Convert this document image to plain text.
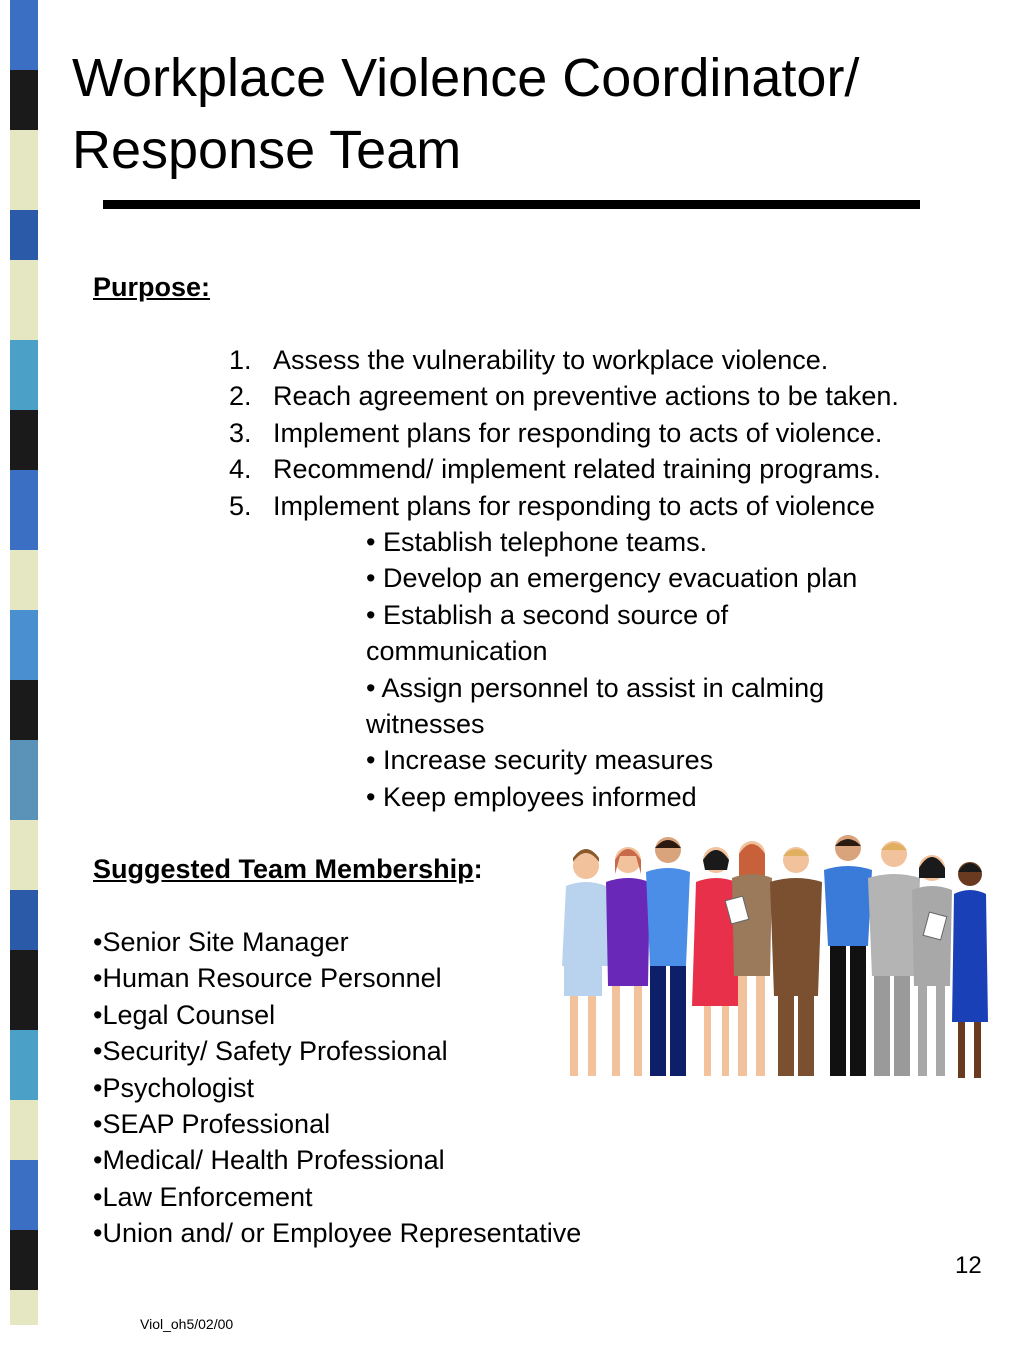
Workplace Violence Coordinator/ Response Team
Purpose:
1. Assess the vulnerability to workplace violence.
2. Reach agreement on preventive actions to be taken.
3. Implement plans for responding to acts of violence.
4. Recommend/ implement related training programs.
5. Implement plans for responding to acts of violence
• Establish telephone teams.
• Develop an emergency evacuation plan
• Establish a second source of communication
• Assign personnel to assist in calming witnesses
• Increase security measures
• Keep employees informed
Suggested Team Membership:
•Senior Site Manager
•Human Resource Personnel
•Legal Counsel
•Security/ Safety Professional
•Psychologist
•SEAP Professional
•Medical/ Health Professional
•Law Enforcement
•Union and/ or Employee Representative
12
Viol_oh5/02/00
